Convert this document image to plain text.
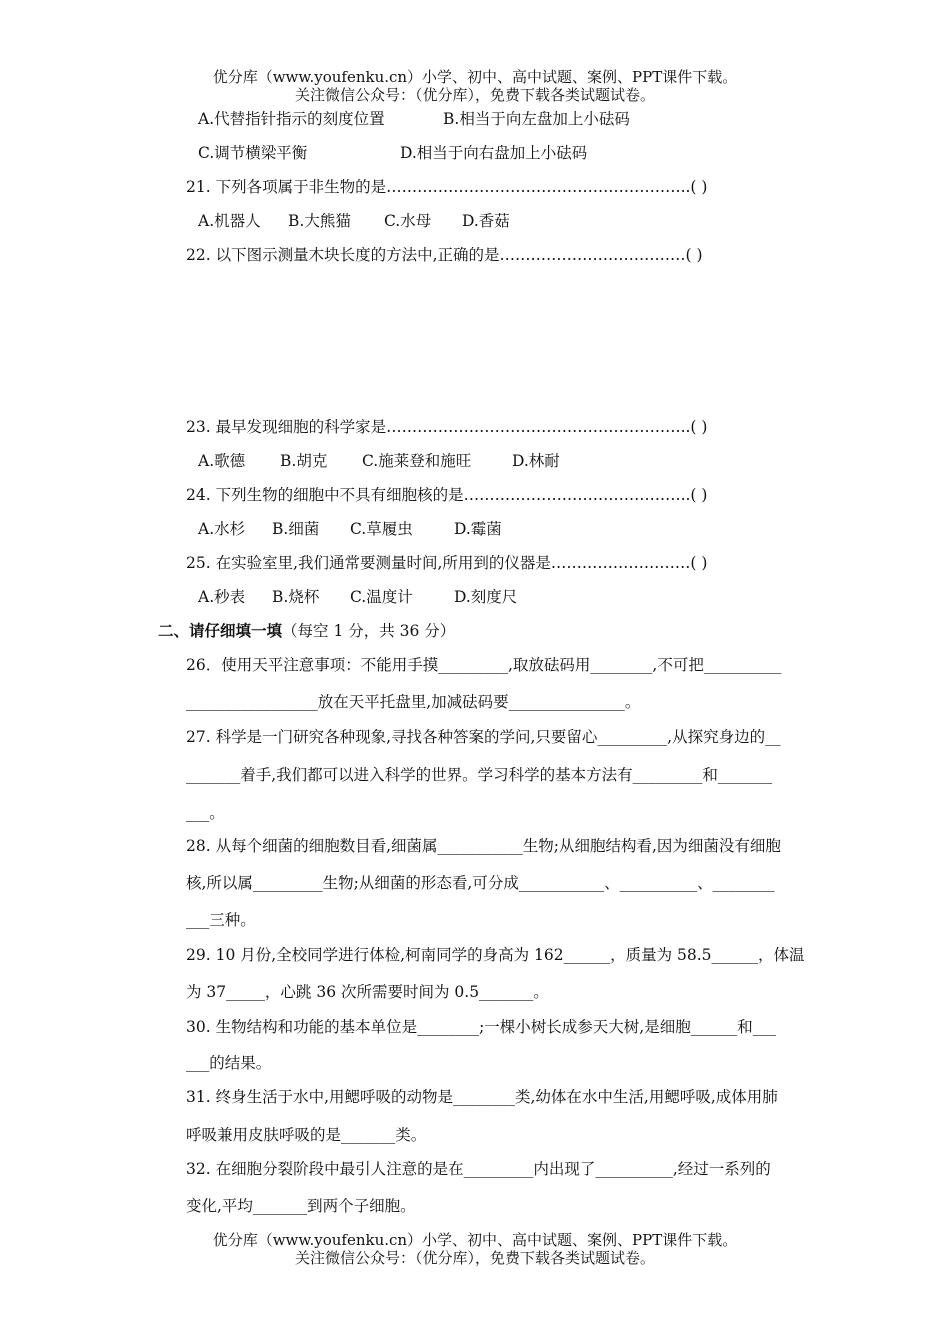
优分库（www.youfenku.cn）小学、初中、高中试题、案例、PPT课件下载。
关注微信公众号：（优分库），免费下载各类试题试卷。
A.代替指针指示的刻度位置	B.相当于向左盘加上小砝码
C.调节横梁平衡	D.相当于向右盘加上小砝码
21. 下列各项属于非生物的是…………………………………………………..( )
A.机器人 B.大熊猫 C.水母 D.香菇
22. 以下图示测量木块长度的方法中,正确的是………………………………( )
23. 最早发现细胞的科学家是…………………………………………………..( )
A.歌德 B.胡克 C.施莱登和施旺	D.林耐
24. 下列生物的细胞中不具有细胞核的是……………………………………..( )
A.水杉 B.细菌 C.草履虫	D.霉菌
25. 在实验室里,我们通常要测量时间,所用到的仪器是………………………( )
A.秒表 B.烧杯 C.温度计	D.刻度尺
二、请仔细填一填（每空 1 分，共 36 分）
26．使用天平注意事项：不能用手摸_________,取放砝码用________,不可把__________
_________________放在天平托盘里,加减砝码要_______________。
27. 科学是一门研究各种现象,寻找各种答案的学问,只要留心_________,从探究身边的__
_______着手,我们都可以进入科学的世界。学习科学的基本方法有_________和_______
___。
28. 从每个细菌的细胞数目看,细菌属___________生物;从细胞结构看,因为细菌没有细胞
核,所以属_________生物;从细菌的形态看,可分成___________、__________、________
___三种。
29. 10 月份,全校同学进行体检,柯南同学的身高为 162______，质量为 58.5______，体温
为 37_____，心跳 36 次所需要时间为 0.5_______。
30. 生物结构和功能的基本单位是________;一棵小树长成参天大树,是细胞______和___
___的结果。
31. 终身生活于水中,用鳃呼吸的动物是________类,幼体在水中生活,用鳃呼吸,成体用肺
呼吸兼用皮肤呼吸的是_______类。
32. 在细胞分裂阶段中最引人注意的是在_________内出现了__________,经过一系列的
变化,平均_______到两个子细胞。
优分库（www.youfenku.cn）小学、初中、高中试题、案例、PPT课件下载。
关注微信公众号：（优分库），免费下载各类试题试卷。
